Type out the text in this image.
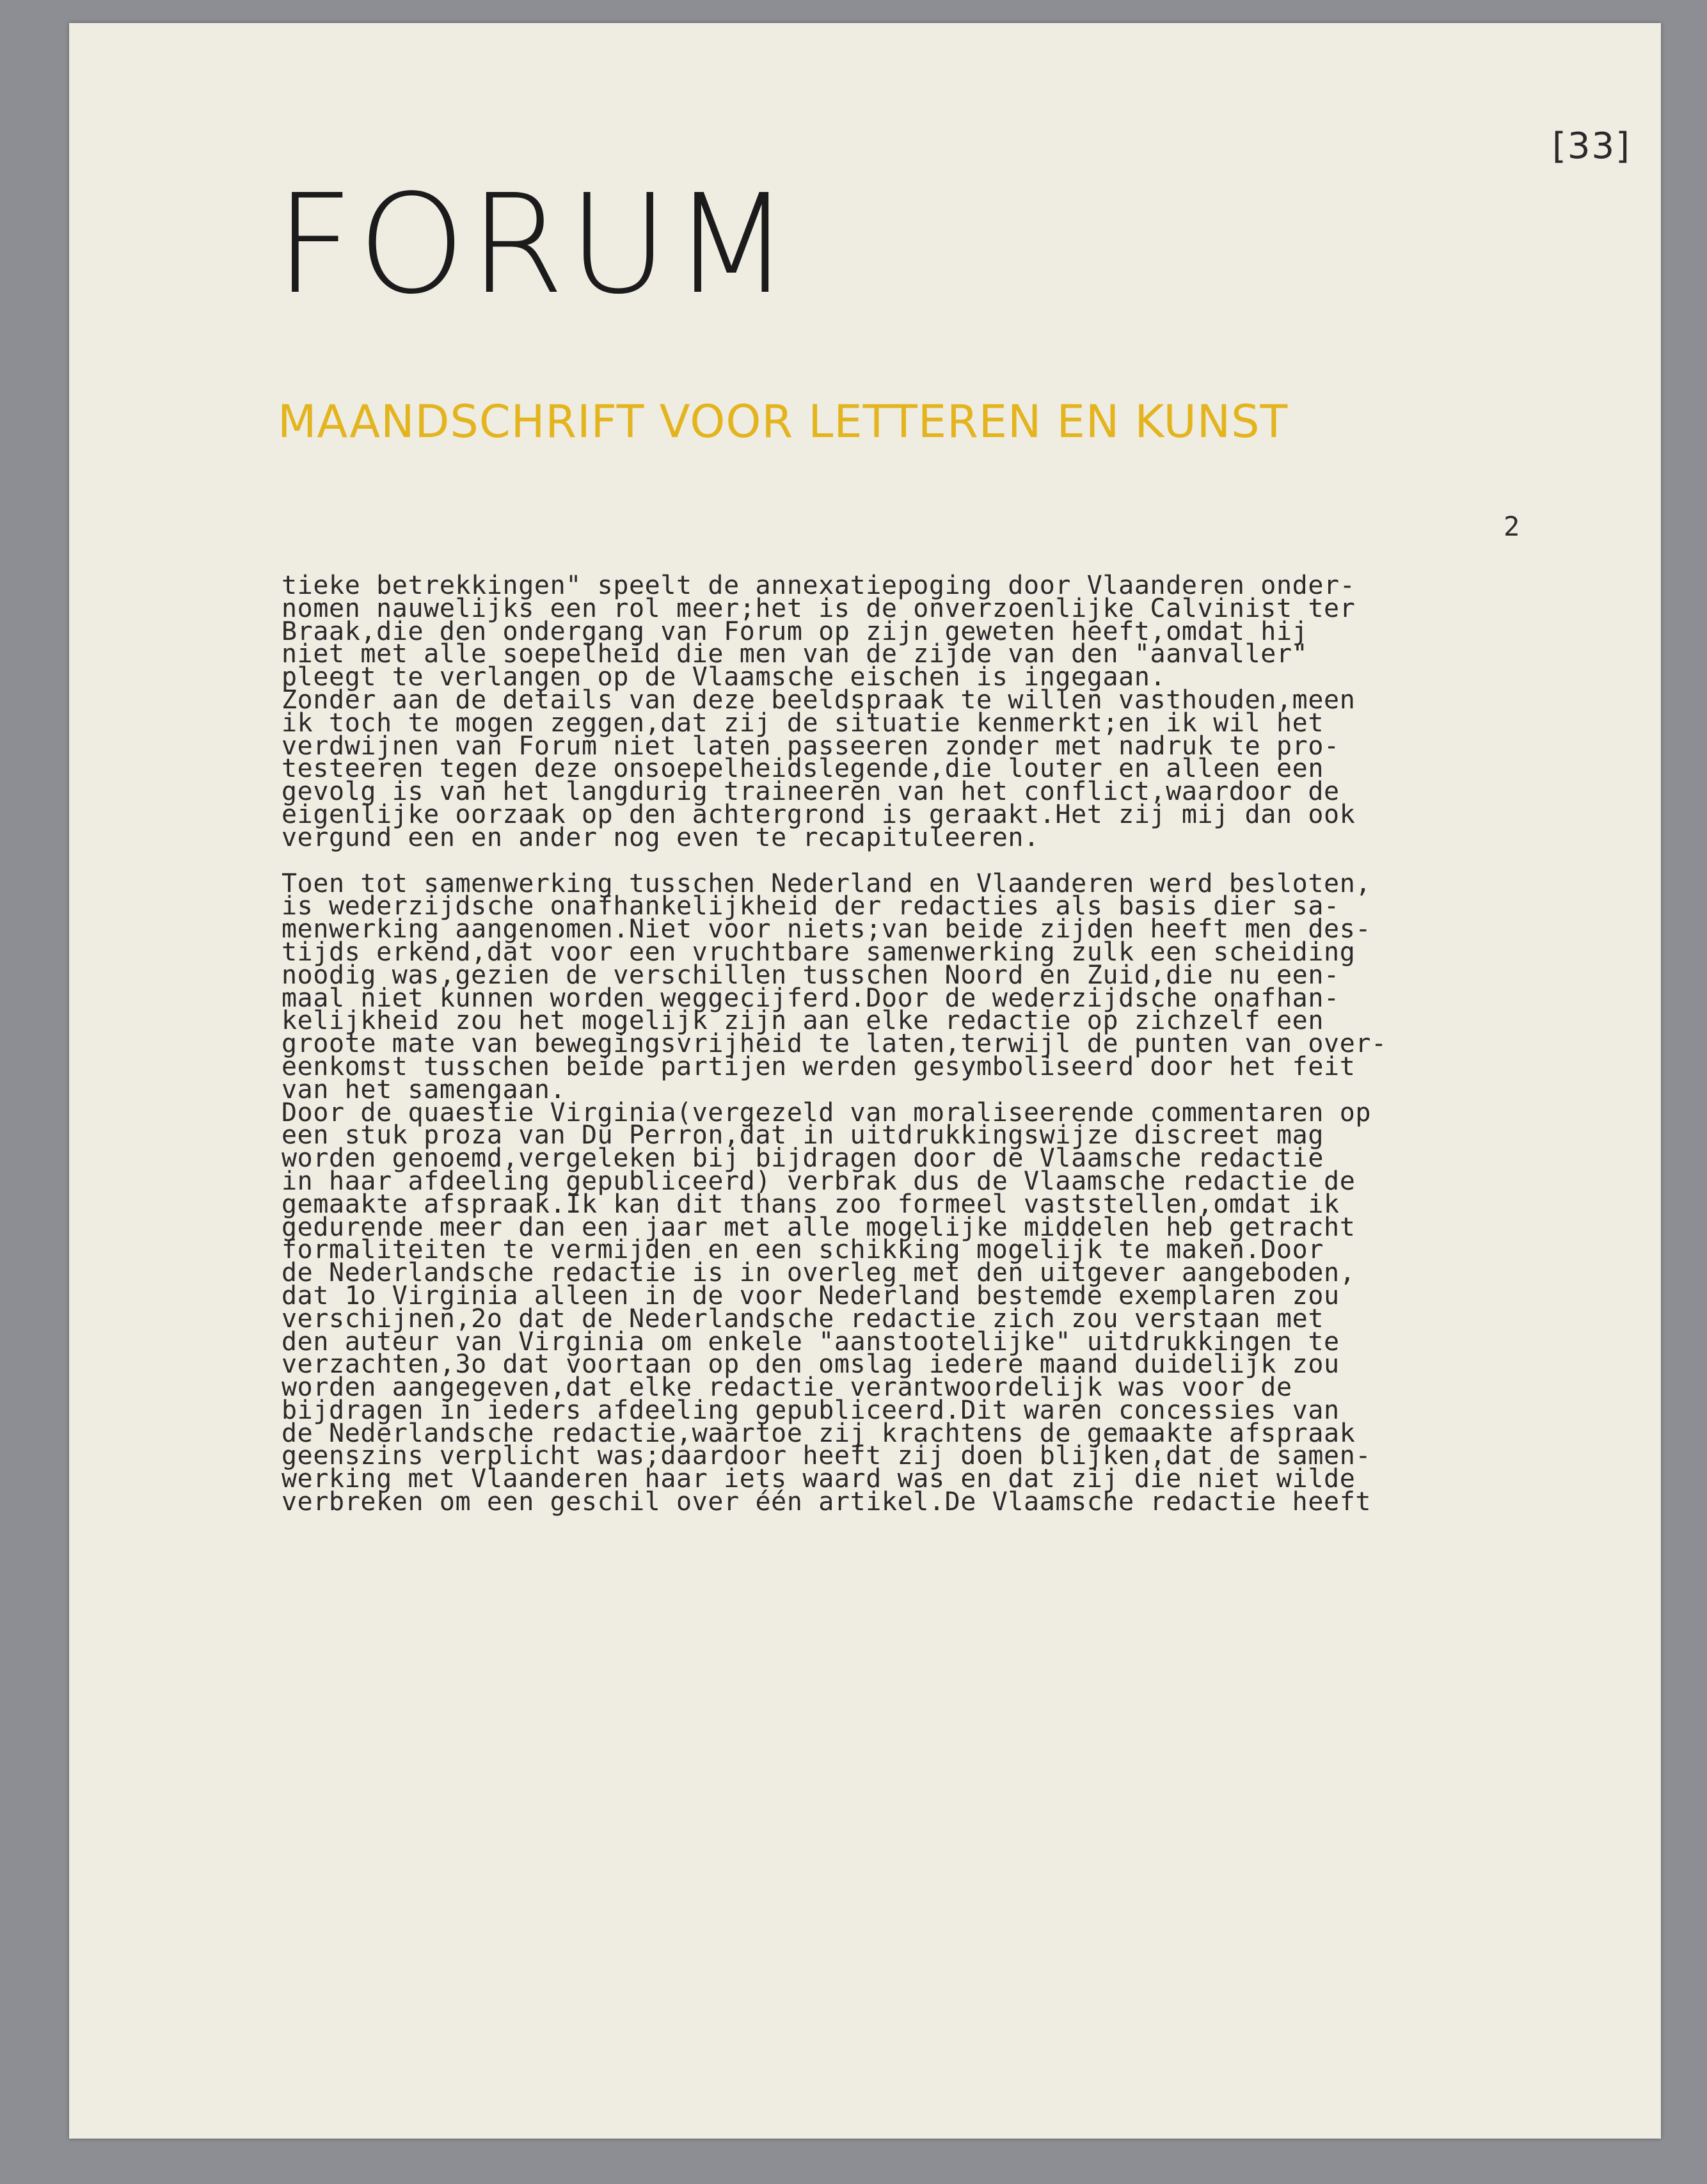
[33]
FORUM
MAANDSCHRIFT VOOR LETTEREN EN KUNST
2
tieke betrekkingen" speelt de annexatiepoging door Vlaanderen onder-
nomen nauwelijks een rol meer;het is de onverzoenlijke Calvinist ter
Braak,die den ondergang van Forum op zijn geweten heeft,omdat hij
niet met alle soepelheid die men van de zijde van den "aanvaller"
pleegt te verlangen op de Vlaamsche eischen is ingegaan.
Zonder aan de details van deze beeldspraak te willen vasthouden,meen
ik toch te mogen zeggen,dat zij de situatie kenmerkt;en ik wil het
verdwijnen van Forum niet laten passeeren zonder met nadruk te pro-
testeeren tegen deze onsoepelheidslegende,die louter en alleen een
gevolg is van het langdurig traineeren van het conflict,waardoor de
eigenlijke oorzaak op den achtergrond is geraakt.Het zij mij dan ook
vergund een en ander nog even te recapituleeren.
Toen tot samenwerking tusschen Nederland en Vlaanderen werd besloten,
is wederzijdsche onafhankelijkheid der redacties als basis dier sa-
menwerking aangenomen.Niet voor niets;van beide zijden heeft men des-
tijds erkend,dat voor een vruchtbare samenwerking zulk een scheiding
noodig was,gezien de verschillen tusschen Noord en Zuid,die nu een-
maal niet kunnen worden weggecijferd.Door de wederzijdsche onafhan-
kelijkheid zou het mogelijk zijn aan elke redactie op zichzelf een
groote mate van bewegingsvrijheid te laten,terwijl de punten van over-
eenkomst tusschen beide partijen werden gesymboliseerd door het feit
van het samengaan.
Door de quaestie Virginia(vergezeld van moraliseerende commentaren op
een stuk proza van Du Perron,dat in uitdrukkingswijze discreet mag
worden genoemd,vergeleken bij bijdragen door de Vlaamsche redactie
in haar afdeeling gepubliceerd) verbrak dus de Vlaamsche redactie de
gemaakte afspraak.Ik kan dit thans zoo formeel vaststellen,omdat ik
gedurende meer dan een jaar met alle mogelijke middelen heb getracht
formaliteiten te vermijden en een schikking mogelijk te maken.Door
de Nederlandsche redactie is in overleg met den uitgever aangeboden,
dat 1o Virginia alleen in de voor Nederland bestemde exemplaren zou
verschijnen,2o dat de Nederlandsche redactie zich zou verstaan met
den auteur van Virginia om enkele "aanstootelijke" uitdrukkingen te
verzachten,3o dat voortaan op den omslag iedere maand duidelijk zou
worden aangegeven,dat elke redactie verantwoordelijk was voor de
bijdragen in ieders afdeeling gepubliceerd.Dit waren concessies van
de Nederlandsche redactie,waartoe zij krachtens de gemaakte afspraak
geenszins verplicht was;daardoor heeft zij doen blijken,dat de samen-
werking met Vlaanderen haar iets waard was en dat zij die niet wilde
verbreken om een geschil over één artikel.De Vlaamsche redactie heeft
